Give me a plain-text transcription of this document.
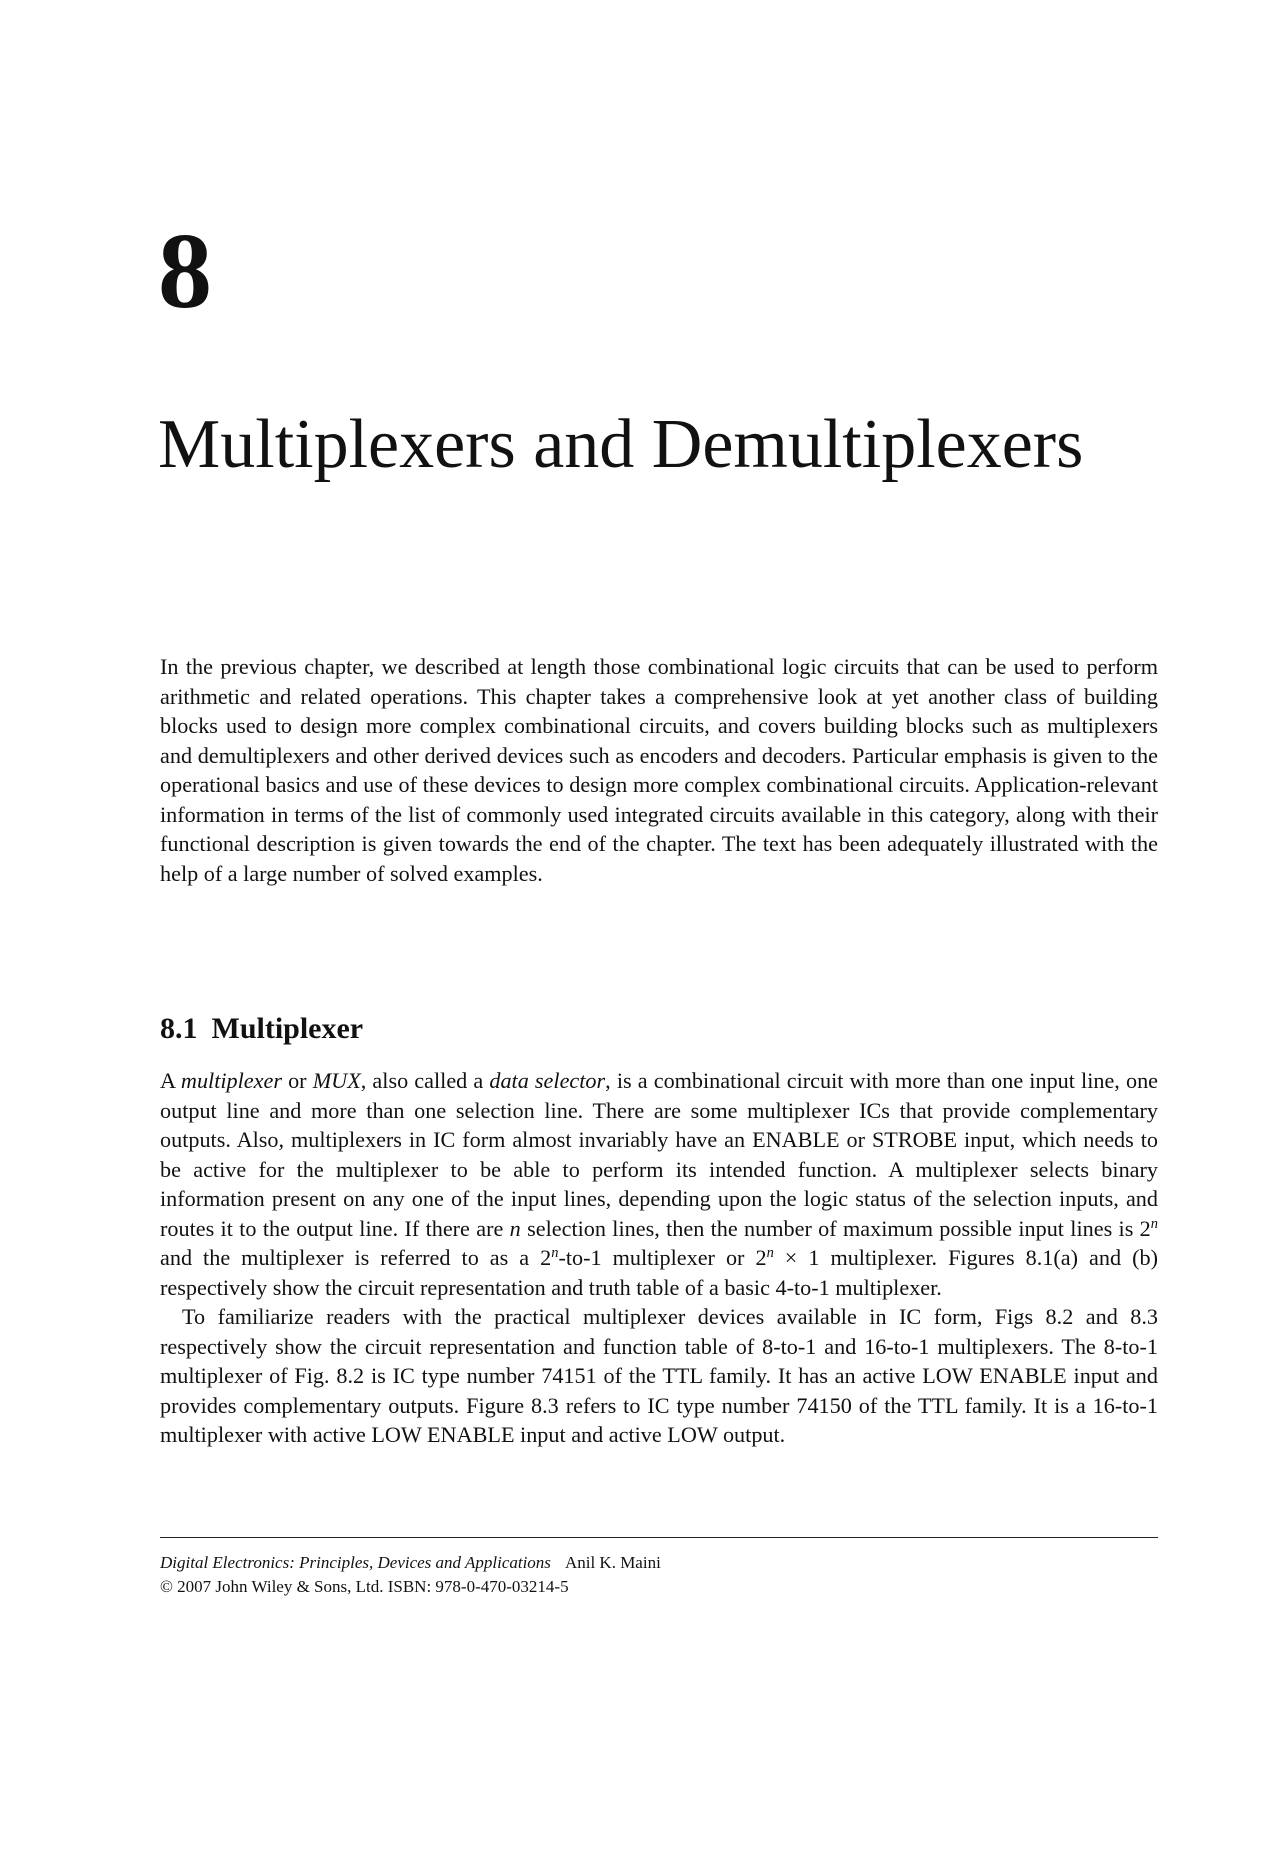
8
Multiplexers and Demultiplexers

In the previous chapter, we described at length those combinational logic circuits that can be used to perform arithmetic and related operations. This chapter takes a comprehensive look at yet another class of building blocks used to design more complex combinational circuits, and covers building blocks such as multiplexers and demultiplexers and other derived devices such as encoders and decoders. Particular emphasis is given to the operational basics and use of these devices to design more complex combinational circuits. Application-relevant information in terms of the list of commonly used integrated circuits available in this category, along with their functional description is given towards the end of the chapter. The text has been adequately illustrated with the help of a large number of solved examples.

8.1 Multiplexer

A multiplexer or MUX, also called a data selector, is a combinational circuit with more than one input line, one output line and more than one selection line. There are some multiplexer ICs that provide complementary outputs. Also, multiplexers in IC form almost invariably have an ENABLE or STROBE input, which needs to be active for the multiplexer to be able to perform its intended function. A multiplexer selects binary information present on any one of the input lines, depending upon the logic status of the selection inputs, and routes it to the output line. If there are n selection lines, then the number of maximum possible input lines is 2$^n$ and the multiplexer is referred to as a 2$^n$-to-1 multiplexer or $2^n \times 1$ multiplexer. Figures 8.1(a) and (b) respectively show the circuit representation and truth table of a basic 4-to-1 multiplexer.

To familiarize readers with the practical multiplexer devices available in IC form, Figs 8.2 and 8.3 respectively show the circuit representation and function table of 8-to-1 and 16-to-1 multiplexers. The 8-to-1 multiplexer of Fig. 8.2 is IC type number 74151 of the TTL family. It has an active LOW ENABLE input and provides complementary outputs. Figure 8.3 refers to IC type number 74150 of the TTL family. It is a 16-to-1 multiplexer with active LOW ENABLE input and active LOW output.

Digital Electronics: Principles, Devices and Applications Anil K. Maini
© 2007 John Wiley & Sons, Ltd. ISBN: 978-0-470-03214-5
